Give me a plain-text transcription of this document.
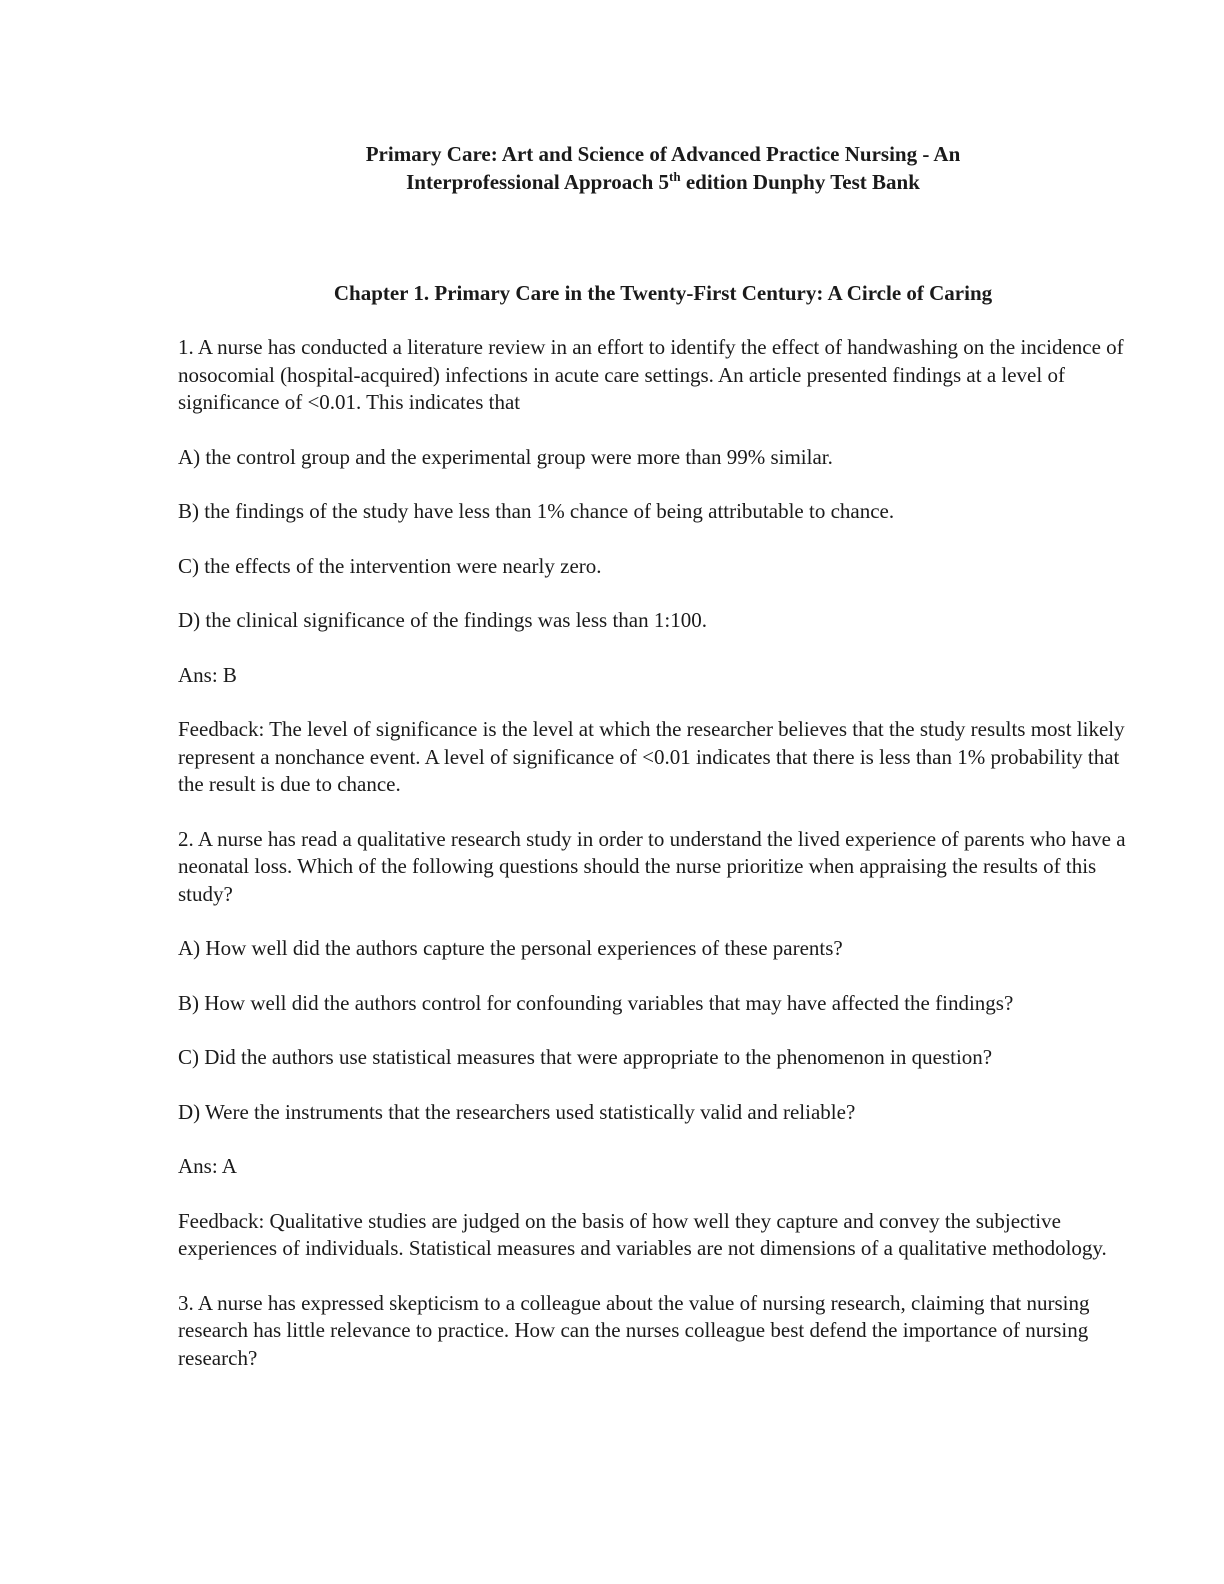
Primary Care: Art and Science of Advanced Practice Nursing - An
Interprofessional Approach 5th edition Dunphy Test Bank

Chapter 1. Primary Care in the Twenty-First Century: A Circle of Caring

1. A nurse has conducted a literature review in an effort to identify the effect of handwashing on the incidence of nosocomial (hospital-acquired) infections in acute care settings. An article presented findings at a level of significance of <0.01. This indicates that

A) the control group and the experimental group were more than 99% similar.

B) the findings of the study have less than 1% chance of being attributable to chance.

C) the effects of the intervention were nearly zero.

D) the clinical significance of the findings was less than 1:100.

Ans: B

Feedback: The level of significance is the level at which the researcher believes that the study results most likely represent a nonchance event. A level of significance of <0.01 indicates that there is less than 1% probability that the result is due to chance.

2. A nurse has read a qualitative research study in order to understand the lived experience of parents who have a neonatal loss. Which of the following questions should the nurse prioritize when appraising the results of this study?

A) How well did the authors capture the personal experiences of these parents?

B) How well did the authors control for confounding variables that may have affected the findings?

C) Did the authors use statistical measures that were appropriate to the phenomenon in question?

D) Were the instruments that the researchers used statistically valid and reliable?

Ans: A

Feedback: Qualitative studies are judged on the basis of how well they capture and convey the subjective experiences of individuals. Statistical measures and variables are not dimensions of a qualitative methodology.

3. A nurse has expressed skepticism to a colleague about the value of nursing research, claiming that nursing research has little relevance to practice. How can the nurses colleague best defend the importance of nursing research?
